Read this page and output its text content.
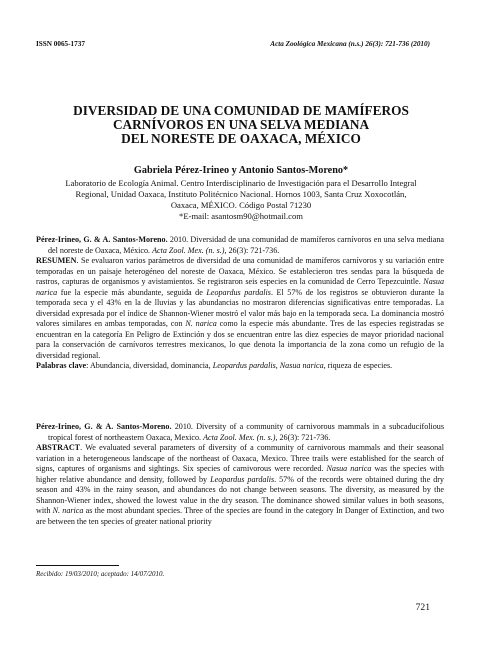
ISSN 0065-1737	Acta Zoológica Mexicana (n.s.) 26(3): 721-736 (2010)
DIVERSIDAD DE UNA COMUNIDAD DE MAMÍFEROS
CARNÍVOROS EN UNA SELVA MEDIANA
DEL NORESTE DE OAXACA, MÉXICO
Gabriela Pérez-Irineo y Antonio Santos-Moreno*
Laboratorio de Ecología Animal. Centro Interdisciplinario de Investigación para el Desarrollo Integral
Regional, Unidad Oaxaca, Instituto Politécnico Nacional. Hornos 1003, Santa Cruz Xoxocotlán,
Oaxaca, MÉXICO. Código Postal 71230
*E-mail: asantosm90@hotmail.com

Pérez-Irineo, G. & A. Santos-Moreno. 2010. Diversidad de una comunidad de mamíferos carnívoros en una selva mediana del noreste de Oaxaca, México. Acta Zool. Mex. (n. s.), 26(3): 721-736.

RESUMEN. Se evaluaron varios parámetros de diversidad de una comunidad de mamíferos carnívoros y su variación entre temporadas en un paisaje heterogéneo del noreste de Oaxaca, México. Se establecieron tres sendas para la búsqueda de rastros, capturas de organismos y avistamientos. Se registraron seis especies en la comunidad de Cerro Tepezcuintle. Nasua narica fue la especie más abundante, seguida de Leopardus pardalis. El 57% de los registros se obtuvieron durante la temporada seca y el 43% en la de lluvias y las abundancias no mostraron diferencias significativas entre temporadas. La diversidad expresada por el índice de Shannon-Wiener mostró el valor más bajo en la temporada seca. La dominancia mostró valores similares en ambas temporadas, con N. narica como la especie más abundante. Tres de las especies registradas se encuentran en la categoría En Peligro de Extinción y dos se encuentran entre las diez especies de mayor prioridad nacional para la conservación de carnívoros terrestres mexicanos, lo que denota la importancia de la zona como un refugio de la diversidad regional.

Palabras clave: Abundancia, diversidad, dominancia, Leopardus pardalis, Nasua narica, riqueza de especies.

Pérez-Irineo, G. & A. Santos-Moreno. 2010. Diversity of a community of carnivorous mammals in a subcaducifolious tropical forest of northeastern Oaxaca, Mexico. Acta Zool. Mex. (n. s.), 26(3): 721-736.

ABSTRACT. We evaluated several parameters of diversity of a community of carnivorous mammals and their seasonal variation in a heterogeneous landscape of the northeast of Oaxaca, Mexico. Three trails were established for the search of signs, captures of organisms and sightings. Six species of carnivorous were recorded. Nasua narica was the species with higher relative abundance and density, followed by Leopardus pardalis. 57% of the records were obtained during the dry season and 43% in the rainy season, and abundances do not change between seasons. The diversity, as measured by the Shannon-Wiener index, showed the lowest value in the dry season. The dominance showed similar values in both seasons, with N. narica as the most abundant species. Three of the species are found in the category In Danger of Extinction, and two are between the ten species of greater national priority

Recibido: 19/03/2010; aceptado: 14/07/2010.
721
